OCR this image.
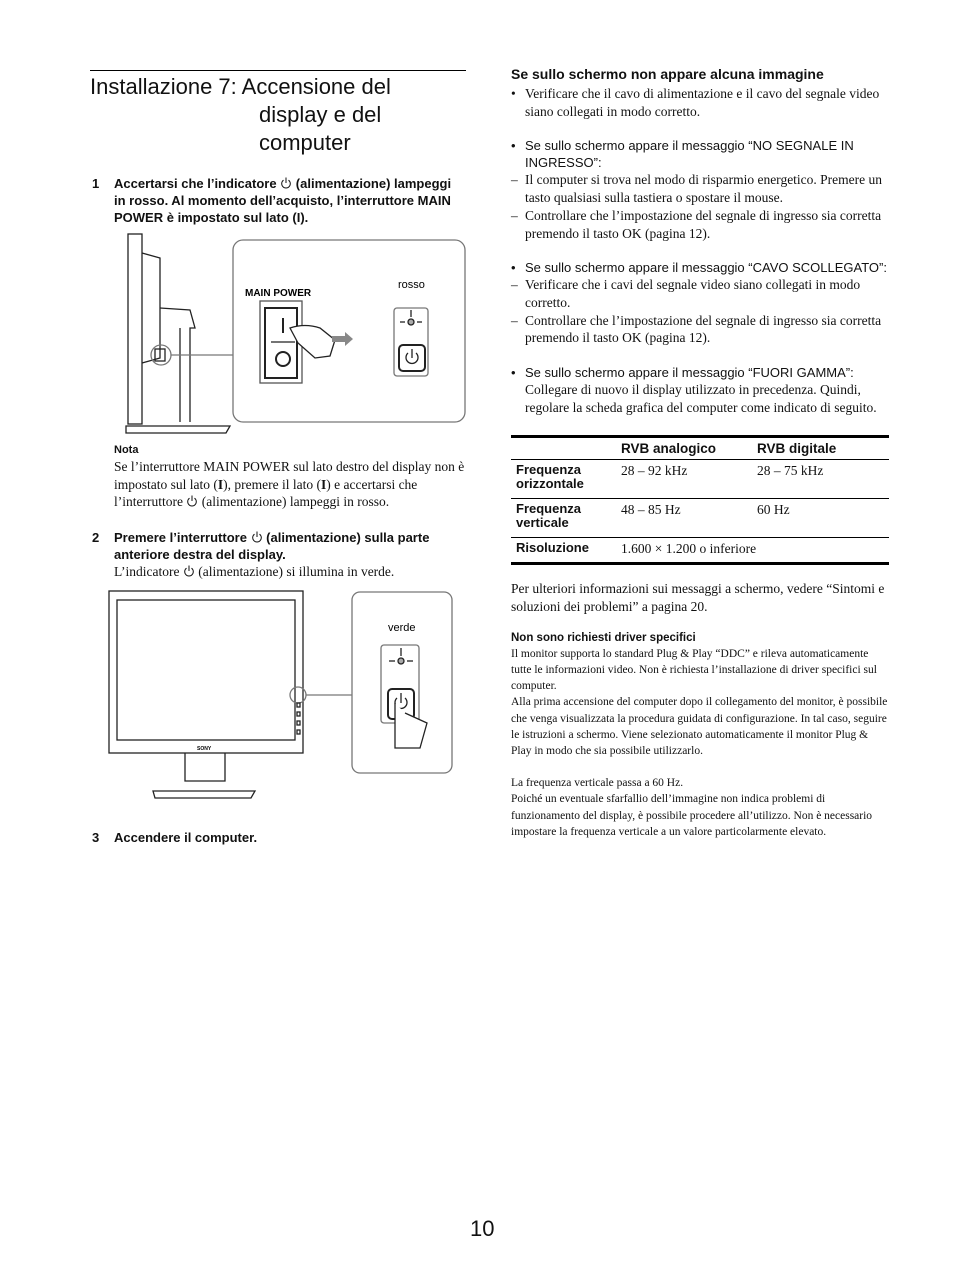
Installazione 7: Accensione del
display e del
computer
1 Accertarsi che l’indicatore  (alimentazione) lampeggi in rosso. Al momento dell’acquisto, l’interruttore MAIN POWER è impostato sul lato (I).
MAIN POWER
rosso
Nota
Se l’interruttore MAIN POWER sul lato destro del display non è impostato sul lato (I), premere il lato (I) e accertarsi che l’interruttore  (alimentazione) lampeggi in rosso.
2 Premere l’interruttore  (alimentazione) sulla parte anteriore destra del display.
L’indicatore  (alimentazione) si illumina in verde.
SONY
verde
3 Accendere il computer.
Se sullo schermo non appare alcuna immagine
• Verificare che il cavo di alimentazione e il cavo del segnale video siano collegati in modo corretto.
• Se sullo schermo appare il messaggio “NO SEGNALE IN INGRESSO”:
– Il computer si trova nel modo di risparmio energetico. Premere un tasto qualsiasi sulla tastiera o spostare il mouse.
– Controllare che l’impostazione del segnale di ingresso sia corretta premendo il tasto OK (pagina 12).
• Se sullo schermo appare il messaggio “CAVO SCOLLEGATO”:
– Verificare che i cavi del segnale video siano collegati in modo corretto.
– Controllare che l’impostazione del segnale di ingresso sia corretta premendo il tasto OK (pagina 12).
• Se sullo schermo appare il messaggio “FUORI GAMMA”:
Collegare di nuovo il display utilizzato in precedenza. Quindi, regolare la scheda grafica del computer come indicato di seguito.
	RVB analogico	RVB digitale
Frequenza orizzontale	28 – 92 kHz	28 – 75 kHz
Frequenza verticale	48 – 85 Hz	60 Hz
Risoluzione	1.600 × 1.200 o inferiore	
Per ulteriori informazioni sui messaggi a schermo, vedere “Sintomi e soluzioni dei problemi” a pagina 20.
Non sono richiesti driver specifici
Il monitor supporta lo standard Plug & Play “DDC” e rileva automaticamente tutte le informazioni video. Non è richiesta l’installazione di driver specifici sul computer.
Alla prima accensione del computer dopo il collegamento del monitor, è possibile che venga visualizzata la procedura guidata di configurazione. In tal caso, seguire le istruzioni a schermo. Viene selezionato automaticamente il monitor Plug & Play in modo che sia possibile utilizzarlo.
La frequenza verticale passa a 60 Hz.
Poiché un eventuale sfarfallio dell’immagine non indica problemi di funzionamento del display, è possibile procedere all’utilizzo. Non è necessario impostare la frequenza verticale a un valore particolarmente elevato.
10
